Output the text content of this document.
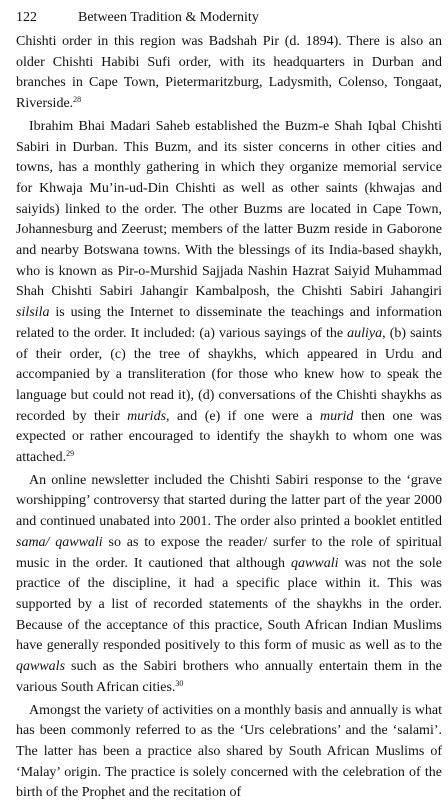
122	Between Tradition & Modernity

Chishti order in this region was Badshah Pir (d. 1894). There is also an older Chishti Habibi Sufi order, with its headquarters in Durban and branches in Cape Town, Pietermaritzburg, Ladysmith, Colenso, Tongaat, Riverside.$^{28}$

Ibrahim Bhai Madari Saheb established the Buzm-e Shah Iqbal Chishti Sabiri in Durban. This Buzm, and its sister concerns in other cities and towns, has a monthly gathering in which they organize memorial service for Khwaja Mu’in-ud-Din Chishti as well as other saints (khwajas and saiyids) linked to the order. The other Buzms are located in Cape Town, Johannesburg and Zeerust; members of the latter Buzm reside in Gaborone and nearby Botswana towns. With the blessings of its India-based shaykh, who is known as Pir-o-Murshid Sajjada Nashin Hazrat Saiyid Muhammad Shah Chishti Sabiri Jahangir Kambalposh, the Chishti Sabiri Jahangiri silsila is using the Internet to disseminate the teachings and information related to the order. It included: (a) various sayings of the auliya, (b) saints of their order, (c) the tree of shaykhs, which appeared in Urdu and accompanied by a transliteration (for those who knew how to speak the language but could not read it), (d) conversations of the Chishti shaykhs as recorded by their murids, and (e) if one were a murid then one was expected or rather encouraged to identify the shaykh to whom one was attached.$^{29}$

An online newsletter included the Chishti Sabiri response to the ‘grave worshipping’ controversy that started during the latter part of the year 2000 and continued unabated into 2001. The order also printed a booklet entitled sama/ qawwali so as to expose the reader/ surfer to the role of spiritual music in the order. It cautioned that although qawwali was not the sole practice of the discipline, it had a specific place within it. This was supported by a list of recorded statements of the shaykhs in the order. Because of the acceptance of this practice, South African Indian Muslims have generally responded positively to this form of music as well as to the qawwals such as the Sabiri brothers who annually entertain them in the various South African cities.$^{30}$

Amongst the variety of activities on a monthly basis and annually is what has been commonly referred to as the ‘Urs celebrations’ and the ‘salami’. The latter has been a practice also shared by South African Muslims of ‘Malay’ origin. The practice is solely concerned with the celebration of the birth of the Prophet and the recitation of
